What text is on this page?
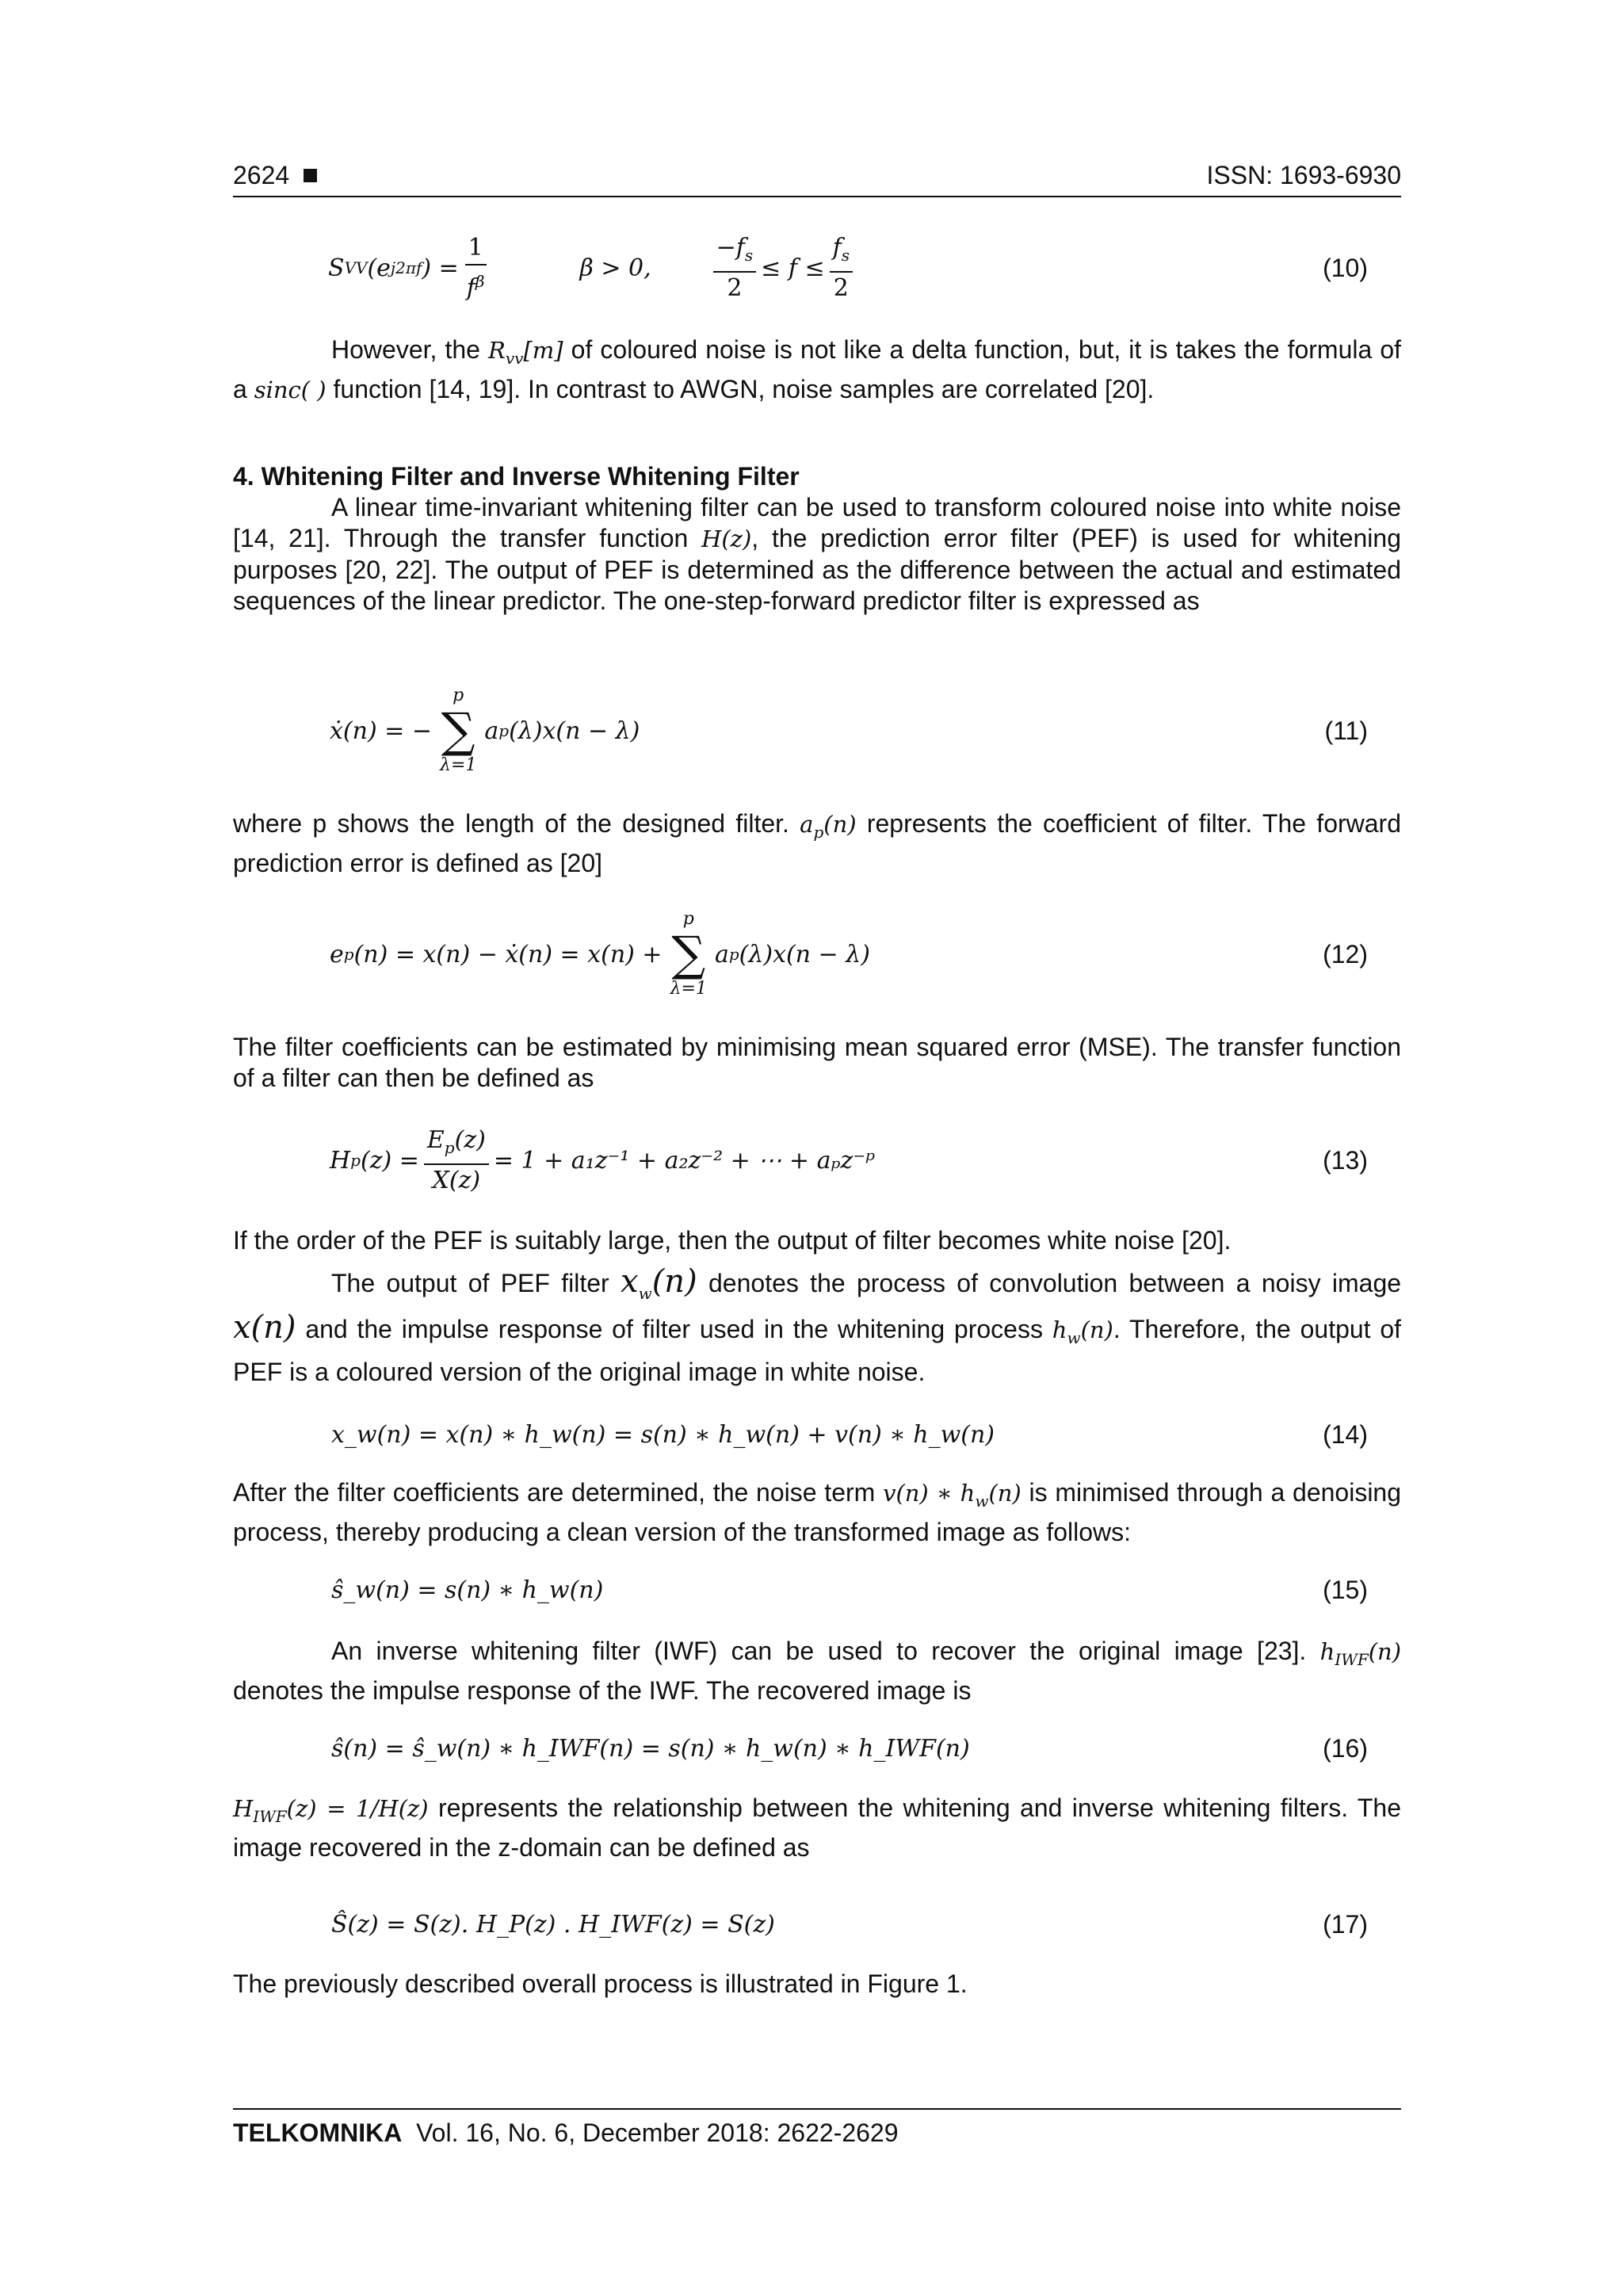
2624	ISSN: 1693-6930
S VV (e j2πf ) = $\frac{1}{f^\beta}$	β > 0,	$\frac{-f_s}{2} \le f \le \frac{f_s}{2}$	(10)

However, the $R_{vv}[m]$ of coloured noise is not like a delta function, but, it is takes the formula of a sinc( ) function [14, 19]. In contrast to AWGN, noise samples are correlated [20].

4. Whitening Filter and Inverse Whitening Filter

A linear time-invariant whitening filter can be used to transform coloured noise into white noise [14, 21]. Through the transfer function H(z), the prediction error filter (PEF) is used for whitening purposes [20, 22]. The output of PEF is determined as the difference between the actual and estimated sequences of the linear predictor. The one-step-forward predictor filter is expressed as

ẋ(n) = −
p
∑
λ=1
a p (λ)x(n − λ)	(11)

where p shows the length of the designed filter. $a_p(n)$ represents the coefficient of filter. The forward prediction error is defined as [20]

e p (n) = x(n) − ẋ(n) = x(n) +
p
∑
λ=1
a p (λ)x(n − λ)	(12)

The filter coefficients can be estimated by minimising mean squared error (MSE). The transfer function of a filter can then be defined as

H p $(z) = \frac{E_p(z)}{X(z)} = 1 + a_1z^{-1} + a_2z^{-2}$ + ⋯ + aₚz⁻ᵖ	(13)

If the order of the PEF is suitably large, then the output of filter becomes white noise [20].

The output of PEF filter $x_w(n)$ denotes the process of convolution between a noisy image x(n) and the impulse response of filter used in the whitening process $h_w(n)$. Therefore, the output of PEF is a coloured version of the original image in white noise.

x_w(n) = x(n) ∗ h_w(n) = s(n) ∗ h_w(n) + v(n) ∗ h_w(n)	(14)

After the filter coefficients are determined, the noise term v(n) ∗ $h_w(n)$ is minimised through a denoising process, thereby producing a clean version of the transformed image as follows:

ŝ_w(n) = s(n) ∗ h_w(n)	(15)

An inverse whitening filter (IWF) can be used to recover the original image [23]. $h_{IWF}(n)$ denotes the impulse response of the IWF. The recovered image is

ŝ(n) = ŝ_w(n) ∗ h_IWF(n) = s(n) ∗ h_w(n) ∗ h_IWF(n)	(16)

$H_{IWF}(z) = 1/H(z)$ represents the relationship between the whitening and inverse whitening filters. The image recovered in the z-domain can be defined as

Ŝ(z) = S(z). H_P(z) . H_IWF(z) = S(z)	(17)

The previously described overall process is illustrated in Figure 1.

TELKOMNIKA Vol. 16, No. 6, December 2018: 2622-2629
